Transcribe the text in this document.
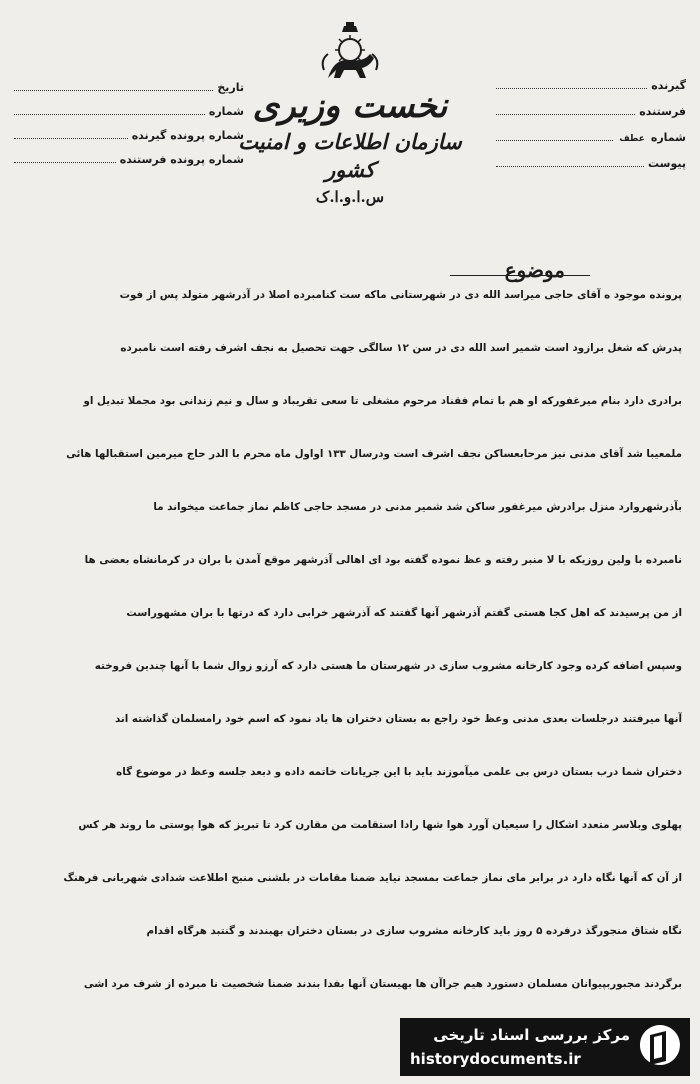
گیرنده
فرستنده
شماره
عطف
پیوست
تاریخ
شماره
شماره پرونده گیرنده
شماره پرونده فرستنده
نخست وزیری
سازمان اطلاعات و امنیت کشور
س.ا.و.ا.ک
موضوع
پرونده موجود ه آقای حاجی میراسد الله دی در شهرستانی ماکه ست کنامبرده اصلا در آذرشهر متولد پس از فوت
پدرش که شغل برازود است شمیر اسد الله دی در سن ۱۲ سالگی جهت تحصیل به نجف اشرف رفته است نامبرده
برادری دارد بنام میرغفورکه او هم با تمام فقناد مرحوم مشغلی تا سعی تقریباد و سال و نیم زندانی بود مجملا تبدیل او
ملمعیبا شد آقای مدنی نیز مرحابعساکن نجف اشرف است ودرسال ۱۳۳ اواول ماه محرم با الدر حاج میرمین استقبالها هائی
بآذرشهروارد منزل برادرش میرغفور ساکن شد شمیر مدنی در مسجد حاجی کاظم نماز جماعت میخواند ما
نامبرده با ولین روزیکه با لا منبر رفته و عظ نموده گفته بود ای اهالی آذرشهر موقع آمدن با بران در کرمانشاه بعضی ها
از من پرسیدند که اهل کجا هستی گفتم آذرشهر آنها گفتند که آذرشهر خرابی دارد که درتها با بران مشهوراست
وسپس اضافه کرده وجود کارخانه مشروب سازی در شهرستان ما هستی دارد که آرزو زوال شما با آنها چندین فروخته
آنها میرفتند درجلسات بعدی مدنی وعظ خود راجع به بستان دختران ها یاد نمود که اسم خود رامسلمان گذاشته اند
دختران شما درب بستان درس بی علمی میآموزند باید با این جریانات خاتمه داده و دبعد جلسه وعظ در موضوع گاه
پهلوی وبلاسر متعدد اشکال را سیعیان آورد هوا شها رادا استقامت من مقارن کرد تا تبریز که هوا پوستی ما روند هر کس
از آن که آنها نگاه دارد در برابر مای نماز جماعت بمسجد نیاید ضمنا مقامات در بلشنی منبح اطلاعت شدادی شهربانی فرهنگ
نگاه شتاق منجورگذ درفرده ۵ روز باید کارخانه مشروب سازی در بستان دختران بهبندند و گنتبد هرگاه اقدام
برگردند مجبوربپیوانان مسلمان دستورد هیم جراآن ها بهیستان آنها بفدا بندند ضمنا شخصیت نا مبرده از شرف مرد اشی
مرکز بررسی اسناد تاریخی
historydocuments.ir
